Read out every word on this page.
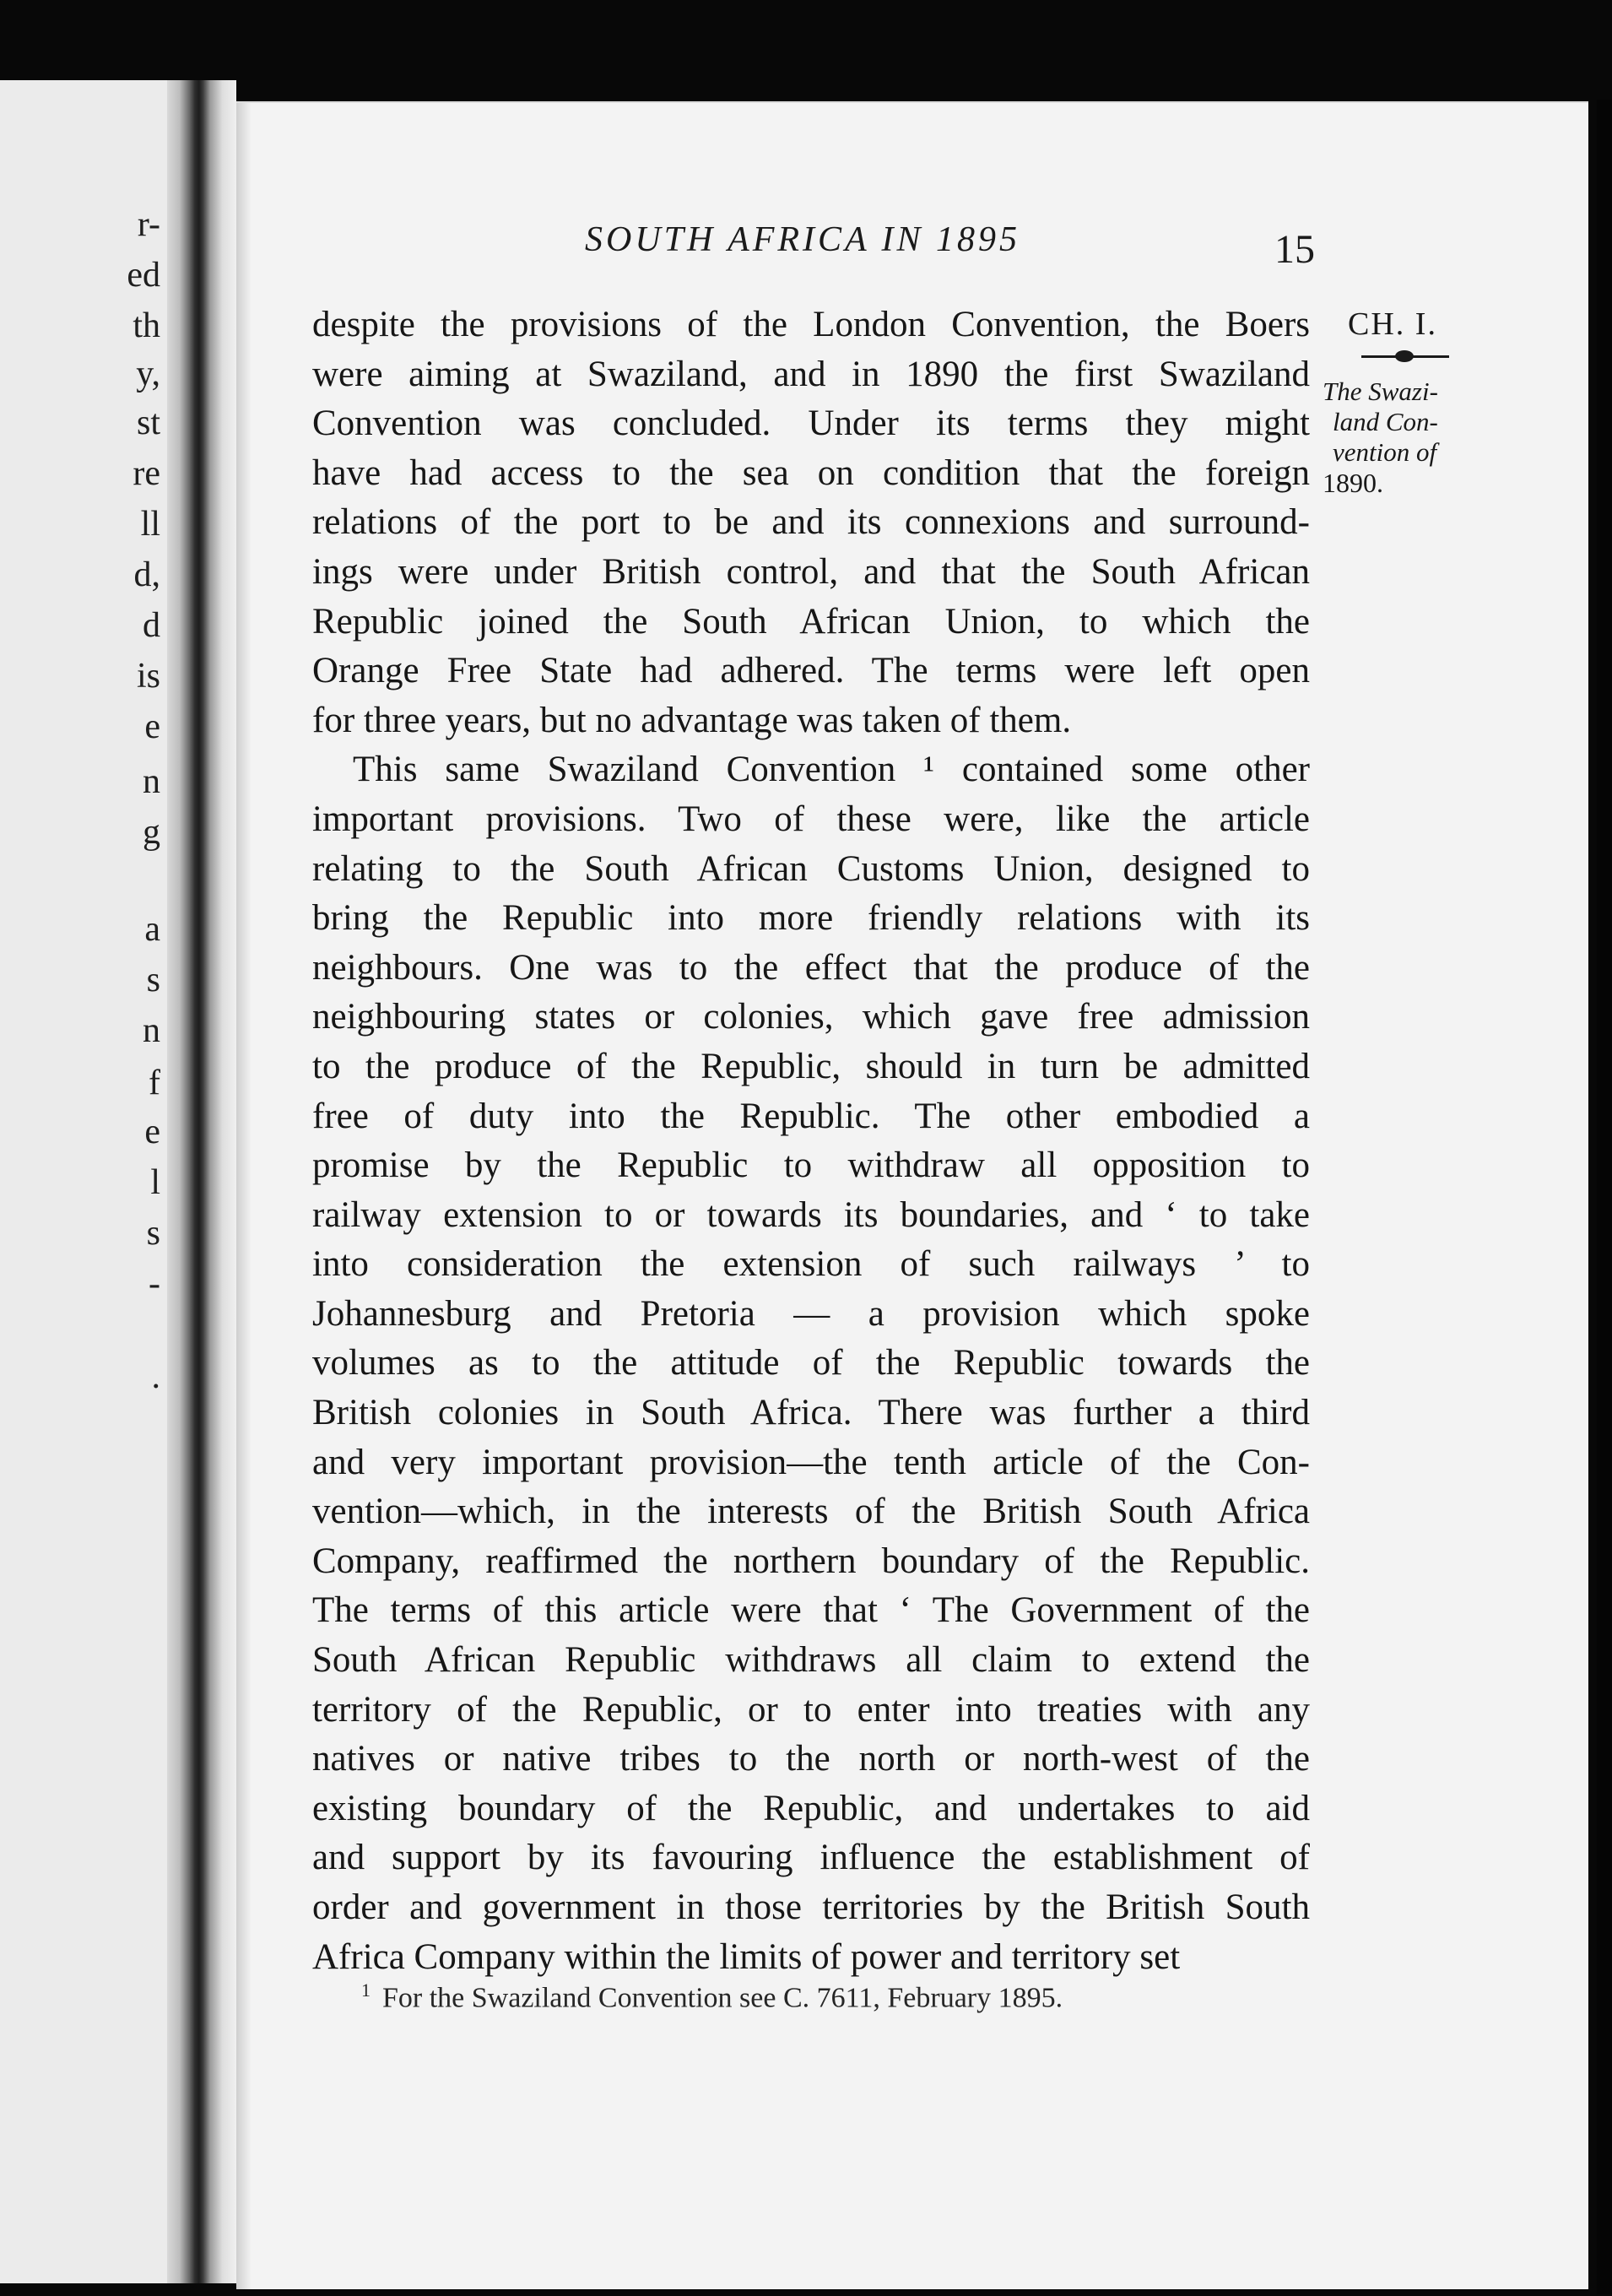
r-
ed
th
y,
st
re
ll
d,
d
is
e
n
g
a
s
n
f
e
l
s
-
.
SOUTH AFRICA IN 1895	15
CH. I.
The Swazi-
land Con-
vention of
1890.

despite the provisions of the London Convention, the Boers
were aiming at Swaziland, and in 1890 the first Swaziland
Convention was concluded. Under its terms they might
have had access to the sea on condition that the foreign
relations of the port to be and its connexions and surround-
ings were under British control, and that the South African
Republic joined the South African Union, to which the
Orange Free State had adhered. The terms were left open
for three years, but no advantage was taken of them.

This same Swaziland Convention ¹ contained some other
important provisions. Two of these were, like the article
relating to the South African Customs Union, designed to
bring the Republic into more friendly relations with its
neighbours. One was to the effect that the produce of the
neighbouring states or colonies, which gave free admission
to the produce of the Republic, should in turn be admitted
free of duty into the Republic. The other embodied a
promise by the Republic to withdraw all opposition to
railway extension to or towards its boundaries, and ‘ to take
into consideration the extension of such railways ’ to
Johannesburg and Pretoria — a provision which spoke
volumes as to the attitude of the Republic towards the
British colonies in South Africa. There was further a third
and very important provision—the tenth article of the Con-
vention—which, in the interests of the British South Africa
Company, reaffirmed the northern boundary of the Republic.
The terms of this article were that ‘ The Government of the
South African Republic withdraws all claim to extend the
territory of the Republic, or to enter into treaties with any
natives or native tribes to the north or north-west of the
existing boundary of the Republic, and undertakes to aid
and support by its favouring influence the establishment of
order and government in those territories by the British South
Africa Company within the limits of power and territory set

$^1$ For the Swaziland Convention see C. 7611, February 1895.
